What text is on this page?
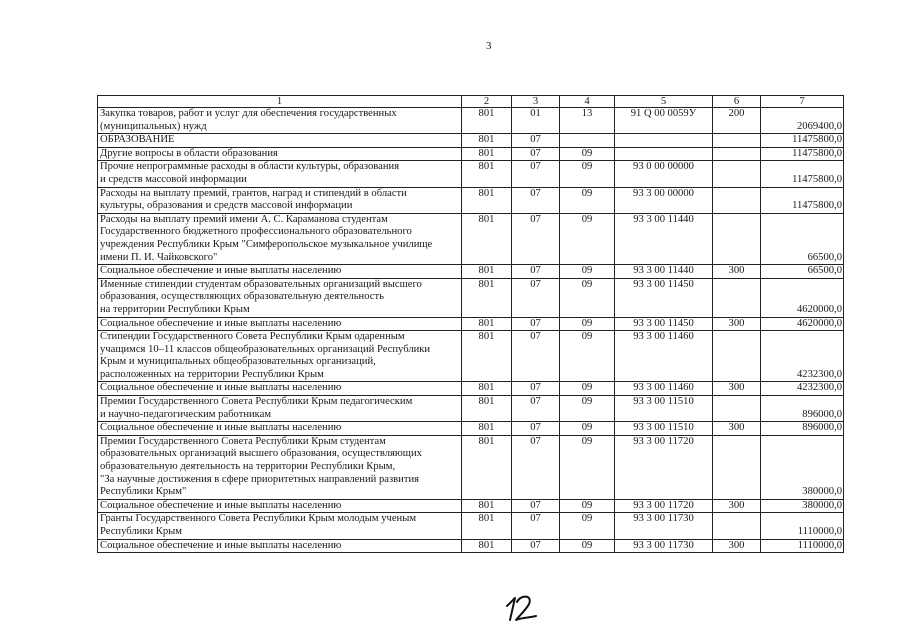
3
1	2	3	4	5	6	7

Закупка товаров, работ и услуг для обеспечения государственных
(муниципальных) нужд	801	01	13	91 Q 00 0059У	200	2069400,0

ОБРАЗОВАНИЕ	801	07				11475800,0

Другие вопросы в области образования	801	07	09			11475800,0

Прочие непрограммные расходы в области культуры, образования
и средств массовой информации	801	07	09	93 0 00 00000		11475800,0

Расходы на выплату премий, грантов, наград и стипендий в области
культуры, образования и средств массовой информации	801	07	09	93 3 00 00000		11475800,0

Расходы на выплату премий имени А. С. Караманова студентам
Государственного бюджетного профессионального образовательного
учреждения Республики Крым "Симферопольское музыкальное училище
имени П. И. Чайковского"	801	07	09	93 3 00 11440		66500,0

Социальное обеспечение и иные выплаты населению	801	07	09	93 3 00 11440	300	66500,0

Именные стипендии студентам образовательных организаций высшего
образования, осуществляющих образовательную деятельность
на территории Республики Крым	801	07	09	93 3 00 11450		4620000,0

Социальное обеспечение и иные выплаты населению	801	07	09	93 3 00 11450	300	4620000,0

Стипендии Государственного Совета Республики Крым одаренным
учащимся 10–11 классов общеобразовательных организаций Республики
Крым и муниципальных общеобразовательных организаций,
расположенных на территории Республики Крым	801	07	09	93 3 00 11460		4232300,0

Социальное обеспечение и иные выплаты населению	801	07	09	93 3 00 11460	300	4232300,0

Премии Государственного Совета Республики Крым педагогическим
и научно-педагогическим работникам	801	07	09	93 3 00 11510		896000,0

Социальное обеспечение и иные выплаты населению	801	07	09	93 3 00 11510	300	896000,0

Премии Государственного Совета Республики Крым студентам
образовательных организаций высшего образования, осуществляющих
образовательную деятельность на территории Республики Крым,
"За научные достижения в сфере приоритетных направлений развития
Республики Крым"	801	07	09	93 3 00 11720		380000,0

Социальное обеспечение и иные выплаты населению	801	07	09	93 3 00 11720	300	380000,0

Гранты Государственного Совета Республики Крым молодым ученым
Республики Крым	801	07	09	93 3 00 11730		1110000,0

Социальное обеспечение и иные выплаты населению	801	07	09	93 3 00 11730	300	1110000,0
